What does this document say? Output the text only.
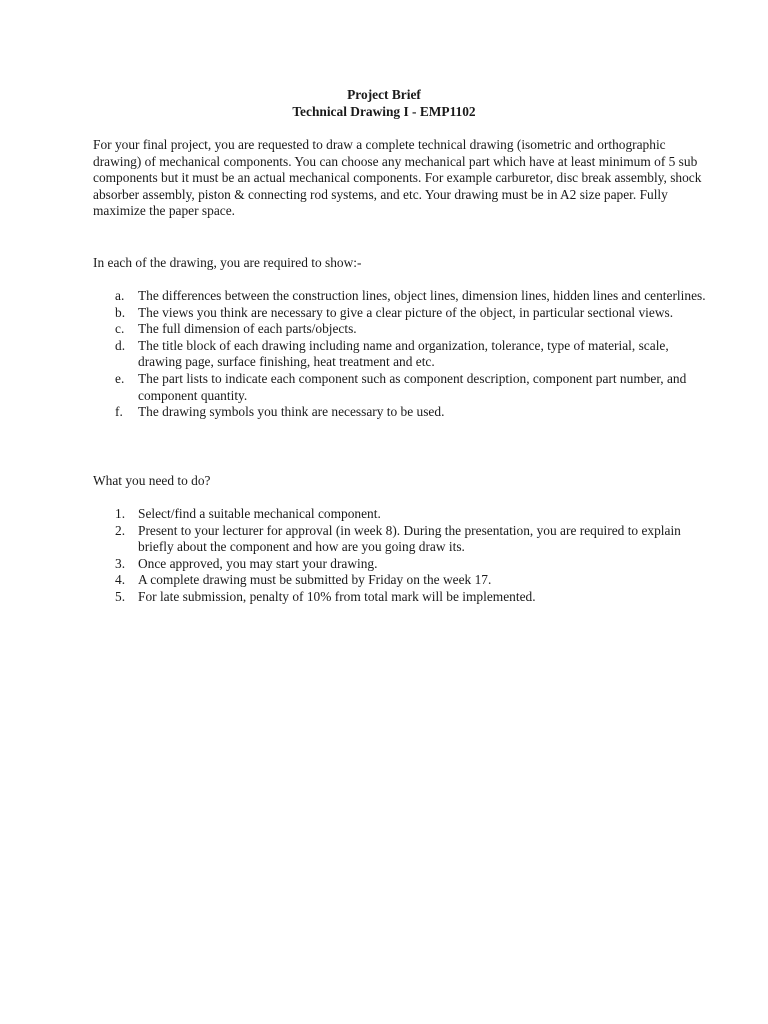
Project Brief
Technical Drawing I - EMP1102

For your final project, you are requested to draw a complete technical drawing (isometric and orthographic drawing) of mechanical components. You can choose any mechanical part which have at least minimum of 5 sub components but it must be an actual mechanical components. For example carburetor, disc break assembly, shock absorber assembly, piston & connecting rod systems, and etc. Your drawing must be in A2 size paper. Fully maximize the paper space.

In each of the drawing, you are required to show:-

a. The differences between the construction lines, object lines, dimension lines, hidden lines and centerlines.
b. The views you think are necessary to give a clear picture of the object, in particular sectional views.
c. The full dimension of each parts/objects.
d. The title block of each drawing including name and organization, tolerance, type of material, scale, drawing page, surface finishing, heat treatment and etc.
e. The part lists to indicate each component such as component description, component part number, and component quantity.
f. The drawing symbols you think are necessary to be used.

What you need to do?

1. Select/find a suitable mechanical component.
2. Present to your lecturer for approval (in week 8). During the presentation, you are required to explain briefly about the component and how are you going draw its.
3. Once approved, you may start your drawing.
4. A complete drawing must be submitted by Friday on the week 17.
5. For late submission, penalty of 10% from total mark will be implemented.
